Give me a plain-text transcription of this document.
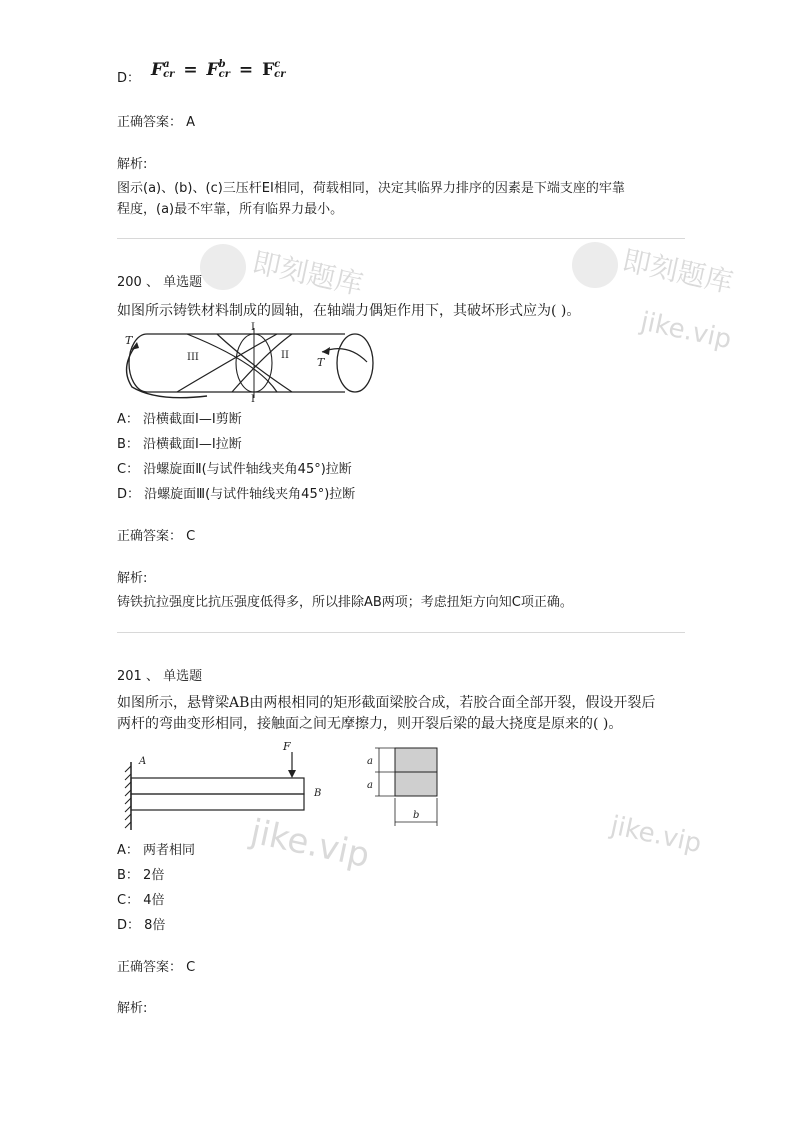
即刻题库	即刻题库
jike.vip
jike.vip	jike.vip
D： F a
cr = F b
cr = F c
cr
正确答案： A
解析:
图示(a)、(b)、(c)三压杆EI相同，荷载相同，决定其临界力排序的因素是下端支座的牢靠
程度，(a)最不牢靠，所有临界力最小。
200 、 单选题
如图所示铸铁材料制成的圆轴，在轴端力偶矩作用下，其破坏形式应为( )。
T
T
I
I
II
III
A： 沿横截面Ⅰ—Ⅰ剪断
B： 沿横截面Ⅰ—Ⅰ拉断
C： 沿螺旋面Ⅱ(与试件轴线夹角45°)拉断
D： 沿螺旋面Ⅲ(与试件轴线夹角45°)拉断
正确答案： C
解析:
铸铁抗拉强度比抗压强度低得多，所以排除AB两项；考虑扭矩方向知C项正确。
201 、 单选题
如图所示，悬臂梁AB由两根相同的矩形截面梁胶合成，若胶合面全部开裂，假设开裂后
两杆的弯曲变形相同，接触面之间无摩擦力，则开裂后梁的最大挠度是原来的( )。
F
A
B
a
a
b
A： 两者相同
B： 2倍
C： 4倍
D： 8倍
正确答案： C
解析:
